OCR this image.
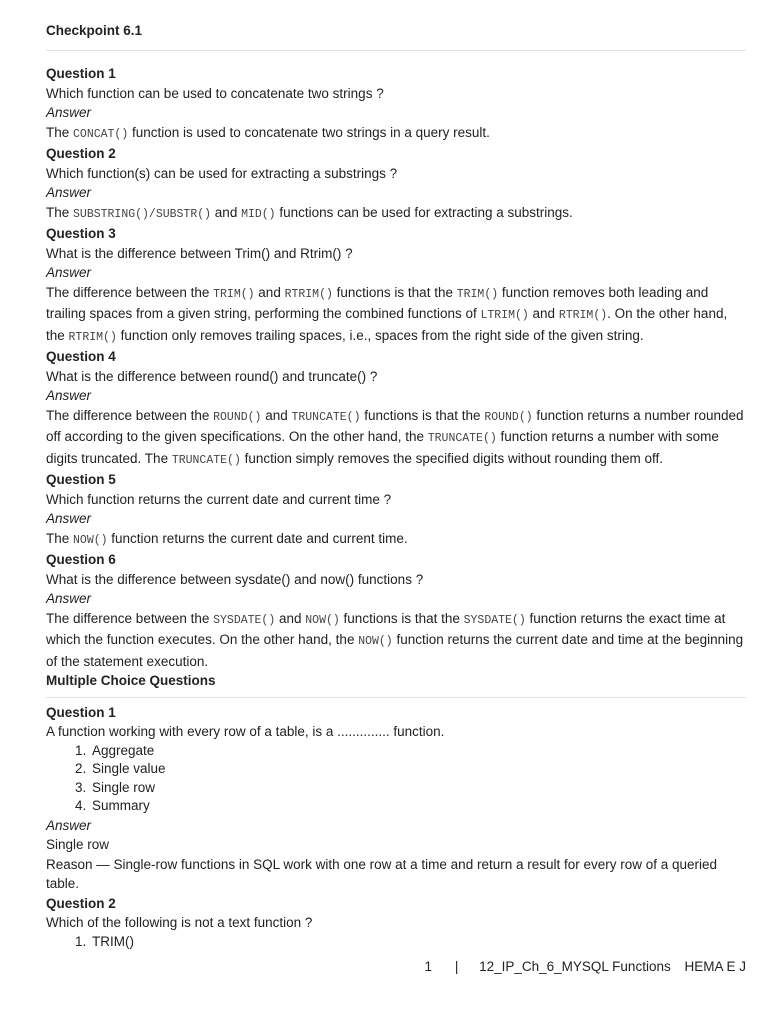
Checkpoint 6.1

Question 1

Which function can be used to concatenate two strings ?

Answer

The CONCAT() function is used to concatenate two strings in a query result.

Question 2

Which function(s) can be used for extracting a substrings ?

Answer

The SUBSTRING()/SUBSTR() and MID() functions can be used for extracting a substrings.

Question 3

What is the difference between Trim() and Rtrim() ?

Answer

The difference between the TRIM() and RTRIM() functions is that the TRIM() function removes both leading and trailing spaces from a given string, performing the combined functions of LTRIM() and RTRIM(). On the other hand, the RTRIM() function only removes trailing spaces, i.e., spaces from the right side of the given string.

Question 4

What is the difference between round() and truncate() ?

Answer

The difference between the ROUND() and TRUNCATE() functions is that the ROUND() function returns a number rounded off according to the given specifications. On the other hand, the TRUNCATE() function returns a number with some digits truncated. The TRUNCATE() function simply removes the specified digits without rounding them off.

Question 5

Which function returns the current date and current time ?

Answer

The NOW() function returns the current date and current time.

Question 6

What is the difference between sysdate() and now() functions ?

Answer

The difference between the SYSDATE() and NOW() functions is that the SYSDATE() function returns the exact time at which the function executes. On the other hand, the NOW() function returns the current date and time at the beginning of the statement execution.

Multiple Choice Questions

Question 1

A function working with every row of a table, is a .............. function.

1. Aggregate
2. Single value
3. Single row
4. Summary

Answer

Single row

Reason — Single-row functions in SQL work with one row at a time and return a result for every row of a queried table.

Question 2

Which of the following is not a text function ?

1. TRIM()
1 | 12_IP_Ch_6_MYSQL Functions HEMA E J
